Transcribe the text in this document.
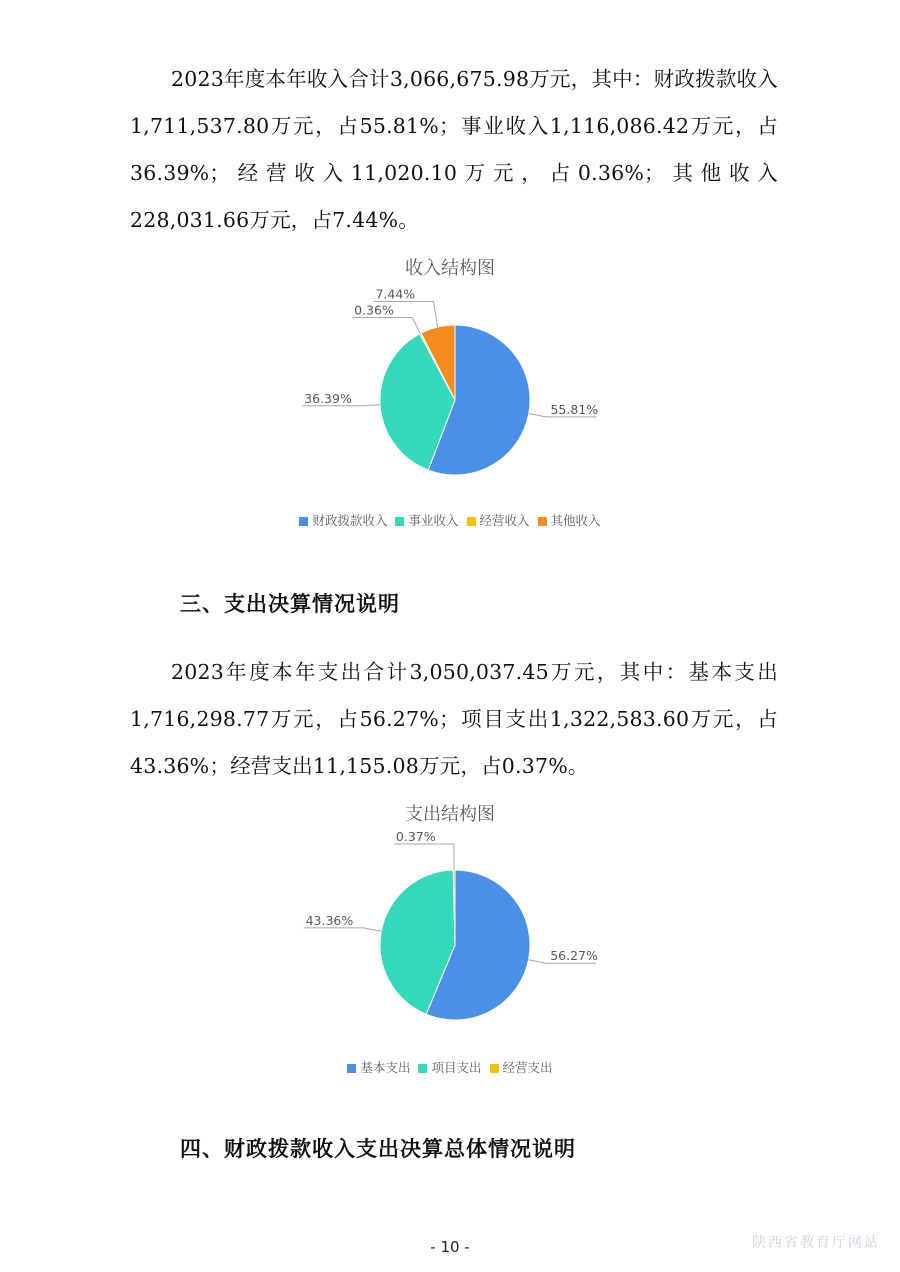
2023年度本年收入合计3,066,675.98万元，其中：财政拨款收入1,711,537.80万元，占55.81%；事业收入1,116,086.42万元，占36.39%；经营收入11,020.10万元，占0.36%；其他收入228,031.66万元，占7.44%。

收入结构图
55.81%
36.39%
0.36%
7.44%
财政拨款收入 事业收入 经营收入 其他收入
三、支出决算情况说明

2023年度本年支出合计3,050,037.45万元，其中：基本支出1,716,298.77万元，占56.27%；项目支出1,322,583.60万元，占43.36%；经营支出11,155.08万元，占0.37%。

支出结构图
56.27%
43.36%
0.37%
基本支出 项目支出 经营支出
四、财政拨款收入支出决算总体情况说明
- 10 -	陕西省教育厅网站
